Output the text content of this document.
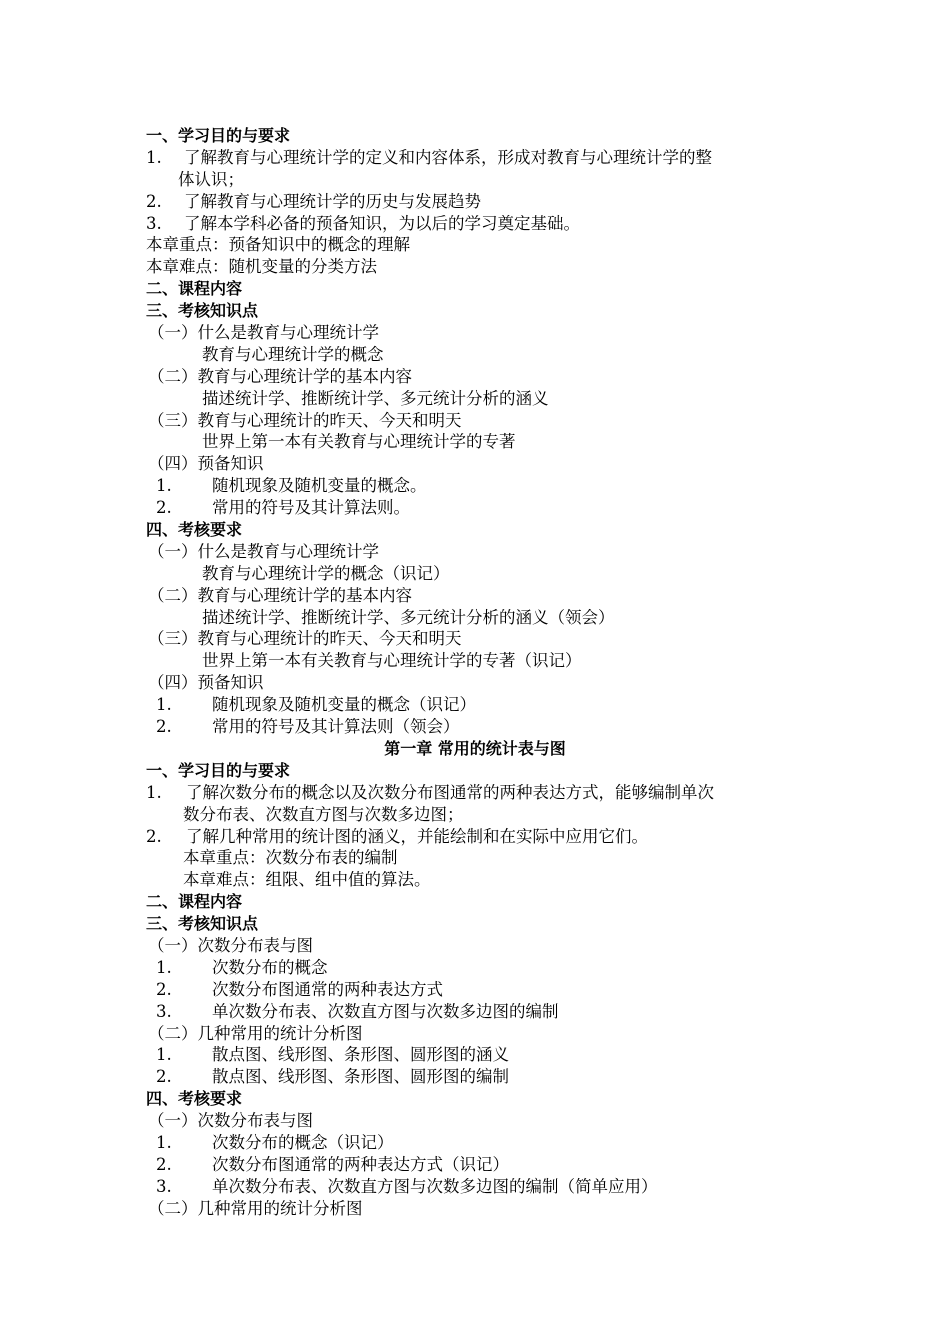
一、学习目的与要求
1. 了解教育与心理统计学的定义和内容体系，形成对教育与心理统计学的整
体认识；
2. 了解教育与心理统计学的历史与发展趋势
3. 了解本学科必备的预备知识，为以后的学习奠定基础。
本章重点：预备知识中的概念的理解
本章难点：随机变量的分类方法
二、课程内容
三、考核知识点
（一）什么是教育与心理统计学
教育与心理统计学的概念
（二）教育与心理统计学的基本内容
描述统计学、推断统计学、多元统计分析的涵义
（三）教育与心理统计的昨天、今天和明天
世界上第一本有关教育与心理统计学的专著
（四）预备知识
1. 随机现象及随机变量的概念。
2. 常用的符号及其计算法则。
四、考核要求
（一）什么是教育与心理统计学
教育与心理统计学的概念（识记）
（二）教育与心理统计学的基本内容
描述统计学、推断统计学、多元统计分析的涵义（领会）
（三）教育与心理统计的昨天、今天和明天
世界上第一本有关教育与心理统计学的专著（识记）
（四）预备知识
1. 随机现象及随机变量的概念（识记）
2. 常用的符号及其计算法则（领会）
第一章 常用的统计表与图
一、学习目的与要求
1. 了解次数分布的概念以及次数分布图通常的两种表达方式，能够编制单次
数分布表、次数直方图与次数多边图；
2. 了解几种常用的统计图的涵义，并能绘制和在实际中应用它们。
本章重点：次数分布表的编制
本章难点：组限、组中值的算法。
二、课程内容
三、考核知识点
（一）次数分布表与图
1. 次数分布的概念
2. 次数分布图通常的两种表达方式
3. 单次数分布表、次数直方图与次数多边图的编制
（二）几种常用的统计分析图
1. 散点图、线形图、条形图、圆形图的涵义
2. 散点图、线形图、条形图、圆形图的编制
四、考核要求
（一）次数分布表与图
1. 次数分布的概念（识记）
2. 次数分布图通常的两种表达方式（识记）
3. 单次数分布表、次数直方图与次数多边图的编制（简单应用）
（二）几种常用的统计分析图
